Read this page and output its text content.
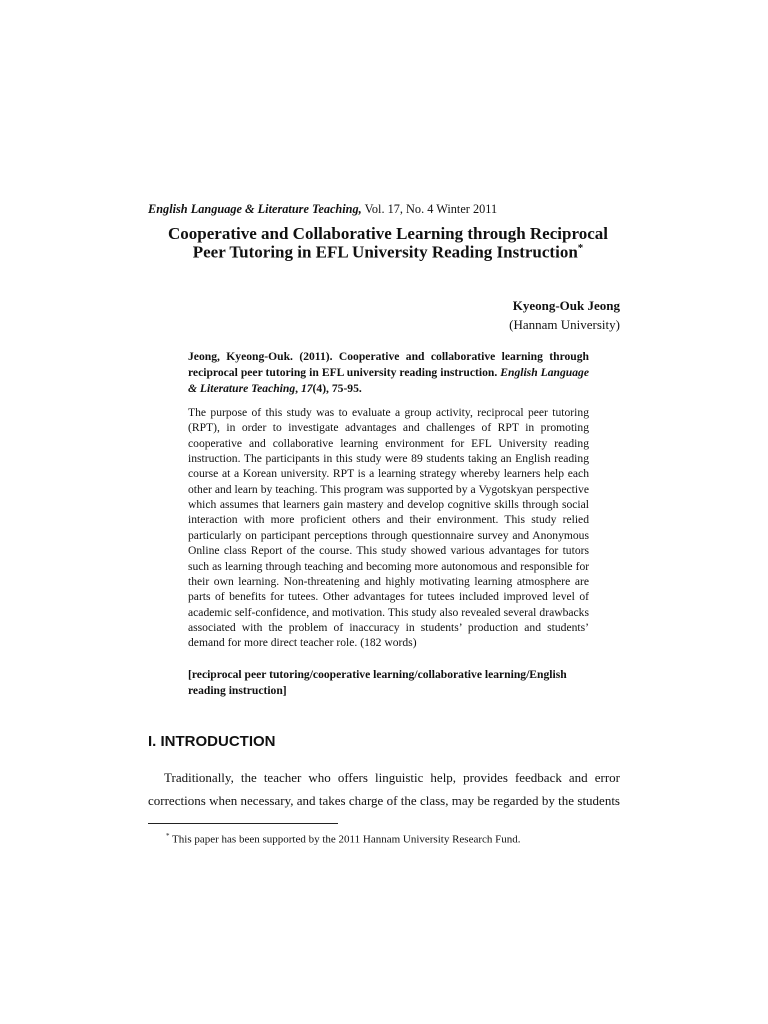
English Language & Literature Teaching, Vol. 17, No. 4 Winter 2011
Cooperative and Collaborative Learning through Reciprocal
Peer Tutoring in EFL University Reading Instruction*
Kyeong-Ouk Jeong
(Hannam University)
Jeong, Kyeong-Ouk. (2011). Cooperative and collaborative learning through
reciprocal peer tutoring in EFL university reading instruction. English Language
& Literature Teaching, 17(4), 75-95.
The purpose of this study was to evaluate a group activity, reciprocal peer tutoring
(RPT), in order to investigate advantages and challenges of RPT in promoting
cooperative and collaborative learning environment for EFL University reading
instruction. The participants in this study were 89 students taking an English reading
course at a Korean university. RPT is a learning strategy whereby learners help each
other and learn by teaching. This program was supported by a Vygotskyan perspective
which assumes that learners gain mastery and develop cognitive skills through social
interaction with more proficient others and their environment. This study relied
particularly on participant perceptions through questionnaire survey and Anonymous
Online class Report of the course. This study showed various advantages for tutors
such as learning through teaching and becoming more autonomous and responsible for
their own learning. Non-threatening and highly motivating learning atmosphere are
parts of benefits for tutees. Other advantages for tutees included improved level of
academic self-confidence, and motivation. This study also revealed several drawbacks
associated with the problem of inaccuracy in students’ production and students’
demand for more direct teacher role. (182 words)
[reciprocal peer tutoring/cooperative learning/collaborative learning/English
reading instruction]
I. INTRODUCTION
Traditionally, the teacher who offers linguistic help, provides feedback and error
corrections when necessary, and takes charge of the class, may be regarded by the students
* This paper has been supported by the 2011 Hannam University Research Fund.
